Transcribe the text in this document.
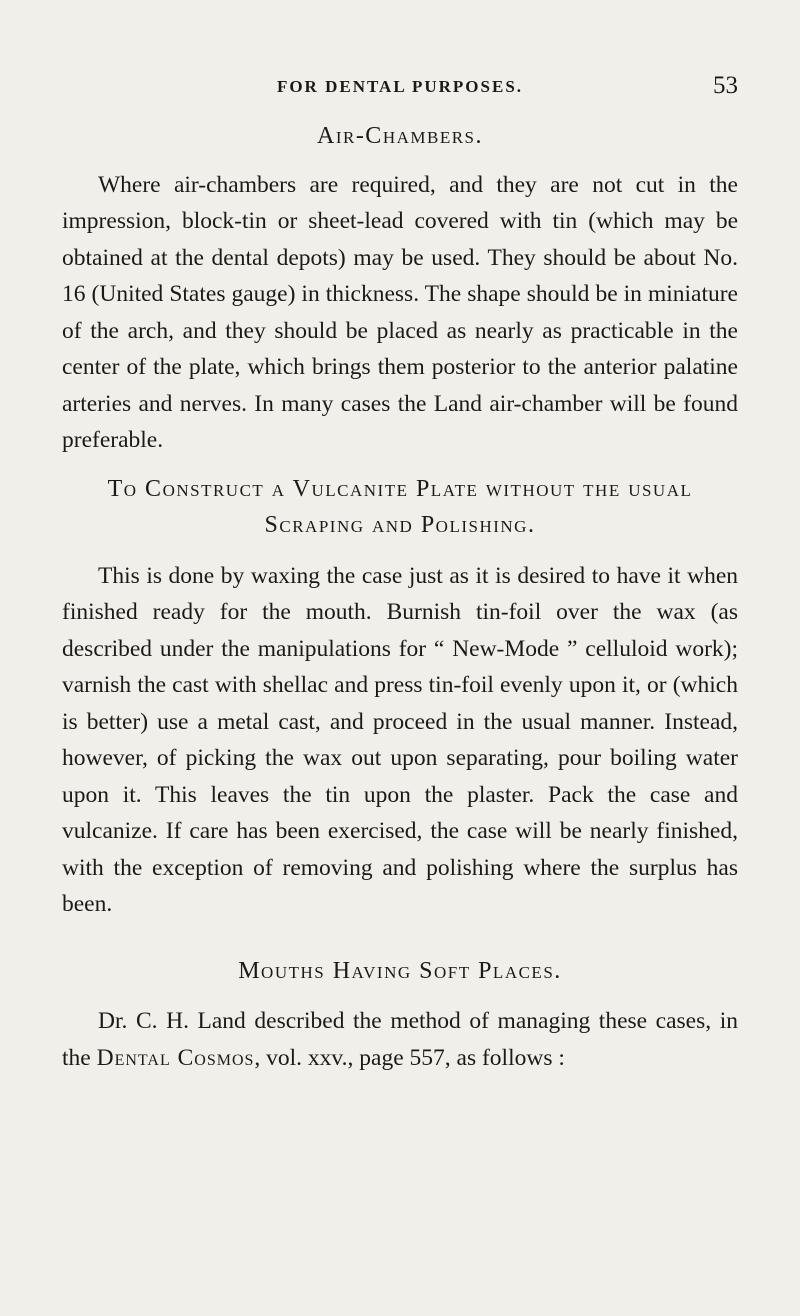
FOR DENTAL PURPOSES.	53
Air-Chambers.

Where air-chambers are required, and they are not cut in the impression, block-tin or sheet-lead covered with tin (which may be obtained at the dental depots) may be used. They should be about No. 16 (United States gauge) in thickness. The shape should be in miniature of the arch, and they should be placed as nearly as practicable in the center of the plate, which brings them posterior to the anterior palatine arteries and nerves. In many cases the Land air-chamber will be found preferable.

To Construct a Vulcanite Plate without the usual
Scraping and Polishing.

This is done by waxing the case just as it is desired to have it when finished ready for the mouth. Burnish tin-foil over the wax (as described under the manipulations for “ New-Mode ” celluloid work); varnish the cast with shellac and press tin-foil evenly upon it, or (which is better) use a metal cast, and proceed in the usual manner. Instead, however, of picking the wax out upon separating, pour boiling water upon it. This leaves the tin upon the plaster. Pack the case and vulcanize. If care has been exercised, the case will be nearly finished, with the exception of removing and polishing where the surplus has been.

Mouths Having Soft Places.

Dr. C. H. Land described the method of managing these cases, in the Dental Cosmos, vol. xxv., page 557, as follows :
